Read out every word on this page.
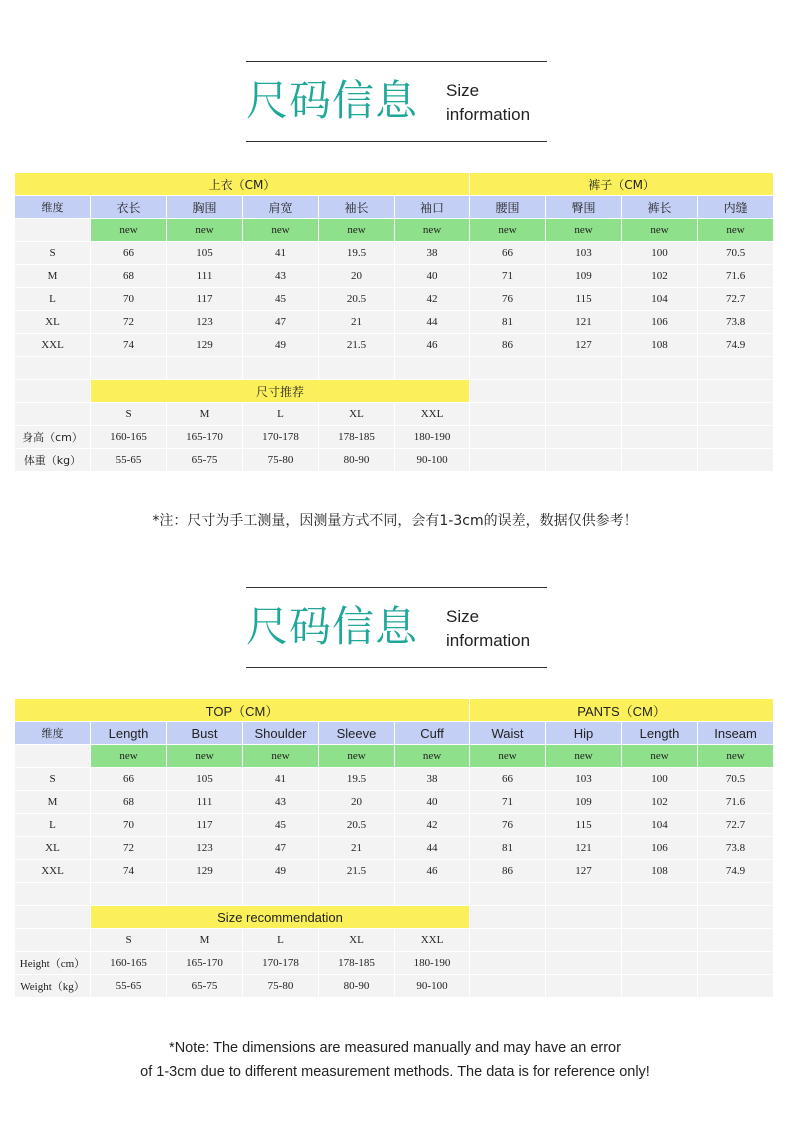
尺码信息 Size
information
上衣（CM）						裤子（CM）			
维度	衣长	胸围	肩宽	袖长	袖口	腰围	臀围	裤长	内缝
	new	new	new	new	new	new	new	new	new
S	66	105	41	19.5	38	66	103	100	70.5
M	68	111	43	20	40	71	109	102	71.6
L	70	117	45	20.5	42	76	115	104	72.7
XL	72	123	47	21	44	81	121	106	73.8
XXL	74	129	49	21.5	46	86	127	108	74.9

	尺寸推荐								
	S	M	L	XL	XXL				
身高（cm）	160-165	165-170	170-178	178-185	180-190				
体重（kg）	55-65	65-75	75-80	80-90	90-100				
*注：尺寸为手工测量，因测量方式不同，会有1-3cm的误差，数据仅供参考！
尺码信息 Size
information
TOP（CM）						PANTS（CM）			
维度	Length	Bust	Shoulder	Sleeve	Cuff	Waist	Hip	Length	Inseam
	new	new	new	new	new	new	new	new	new
S	66	105	41	19.5	38	66	103	100	70.5
M	68	111	43	20	40	71	109	102	71.6
L	70	117	45	20.5	42	76	115	104	72.7
XL	72	123	47	21	44	81	121	106	73.8
XXL	74	129	49	21.5	46	86	127	108	74.9

	Size recommendation								
	S	M	L	XL	XXL				
Height（cm）	160-165	165-170	170-178	178-185	180-190				
Weight（kg）	55-65	65-75	75-80	80-90	90-100				
*Note: The dimensions are measured manually and may have an error
of 1-3cm due to different measurement methods. The data is for reference only!
